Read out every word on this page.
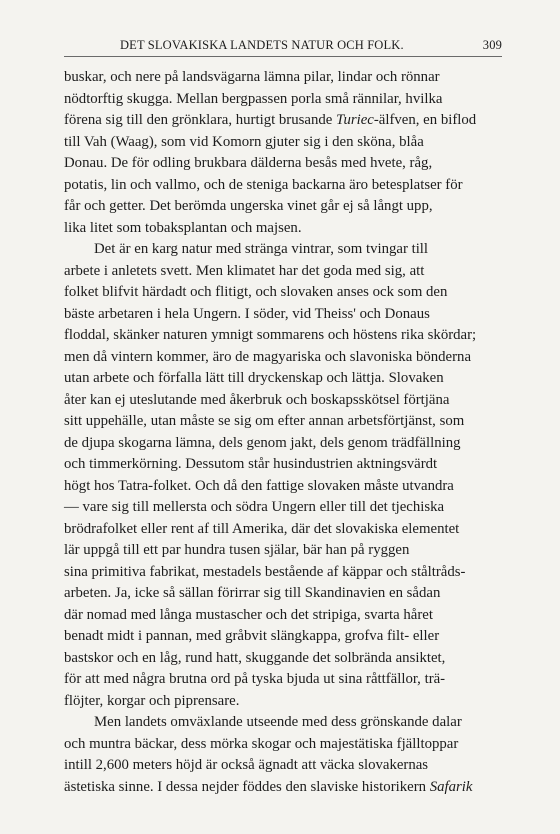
DET SLOVAKISKA LANDETS NATUR OCH FOLK.	309
buskar, och nere på landsvägarna lämna pilar, lindar och rönnar
nödtorftig skugga. Mellan bergpassen porla små rännilar, hvilka
förena sig till den grönklara, hurtigt brusande Turiec-älfven, en biflod
till Vah (Waag), som vid Komorn gjuter sig i den sköna, blåa
Donau. De för odling brukbara dälderna besås med hvete, råg,
potatis, lin och vallmo, och de steniga backarna äro betesplatser för
får och getter. Det berömda ungerska vinet går ej så långt upp,
lika litet som tobaksplantan och majsen.
Det är en karg natur med stränga vintrar, som tvingar till
arbete i anletets svett. Men klimatet har det goda med sig, att
folket blifvit härdadt och flitigt, och slovaken anses ock som den
bäste arbetaren i hela Ungern. I söder, vid Theiss' och Donaus
floddal, skänker naturen ymnigt sommarens och höstens rika skördar;
men då vintern kommer, äro de magyariska och slavoniska bönderna
utan arbete och förfalla lätt till dryckenskap och lättja. Slovaken
åter kan ej uteslutande med åkerbruk och boskapsskötsel förtjäna
sitt uppehälle, utan måste se sig om efter annan arbetsförtjänst, som
de djupa skogarna lämna, dels genom jakt, dels genom trädfällning
och timmerkörning. Dessutom står husindustrien aktningsvärdt
högt hos Tatra-folket. Och då den fattige slovaken måste utvandra
— vare sig till mellersta och södra Ungern eller till det tjechiska
brödrafolket eller rent af till Amerika, där det slovakiska elementet
lär uppgå till ett par hundra tusen själar, bär han på ryggen
sina primitiva fabrikat, mestadels bestående af käppar och ståltråds-
arbeten. Ja, icke så sällan förirrar sig till Skandinavien en sådan
där nomad med långa mustascher och det stripiga, svarta håret
benadt midt i pannan, med gråbvit slängkappa, grofva filt- eller
bastskor och en låg, rund hatt, skuggande det solbrända ansiktet,
för att med några brutna ord på tyska bjuda ut sina råttfällor, trä-
flöjter, korgar och piprensare.
Men landets omväxlande utseende med dess grönskande dalar
och muntra bäckar, dess mörka skogar och majestätiska fjälltoppar
intill 2,600 meters höjd är också ägnadt att väcka slovakernas
ästetiska sinne. I dessa nejder föddes den slaviske historikern Safarik
